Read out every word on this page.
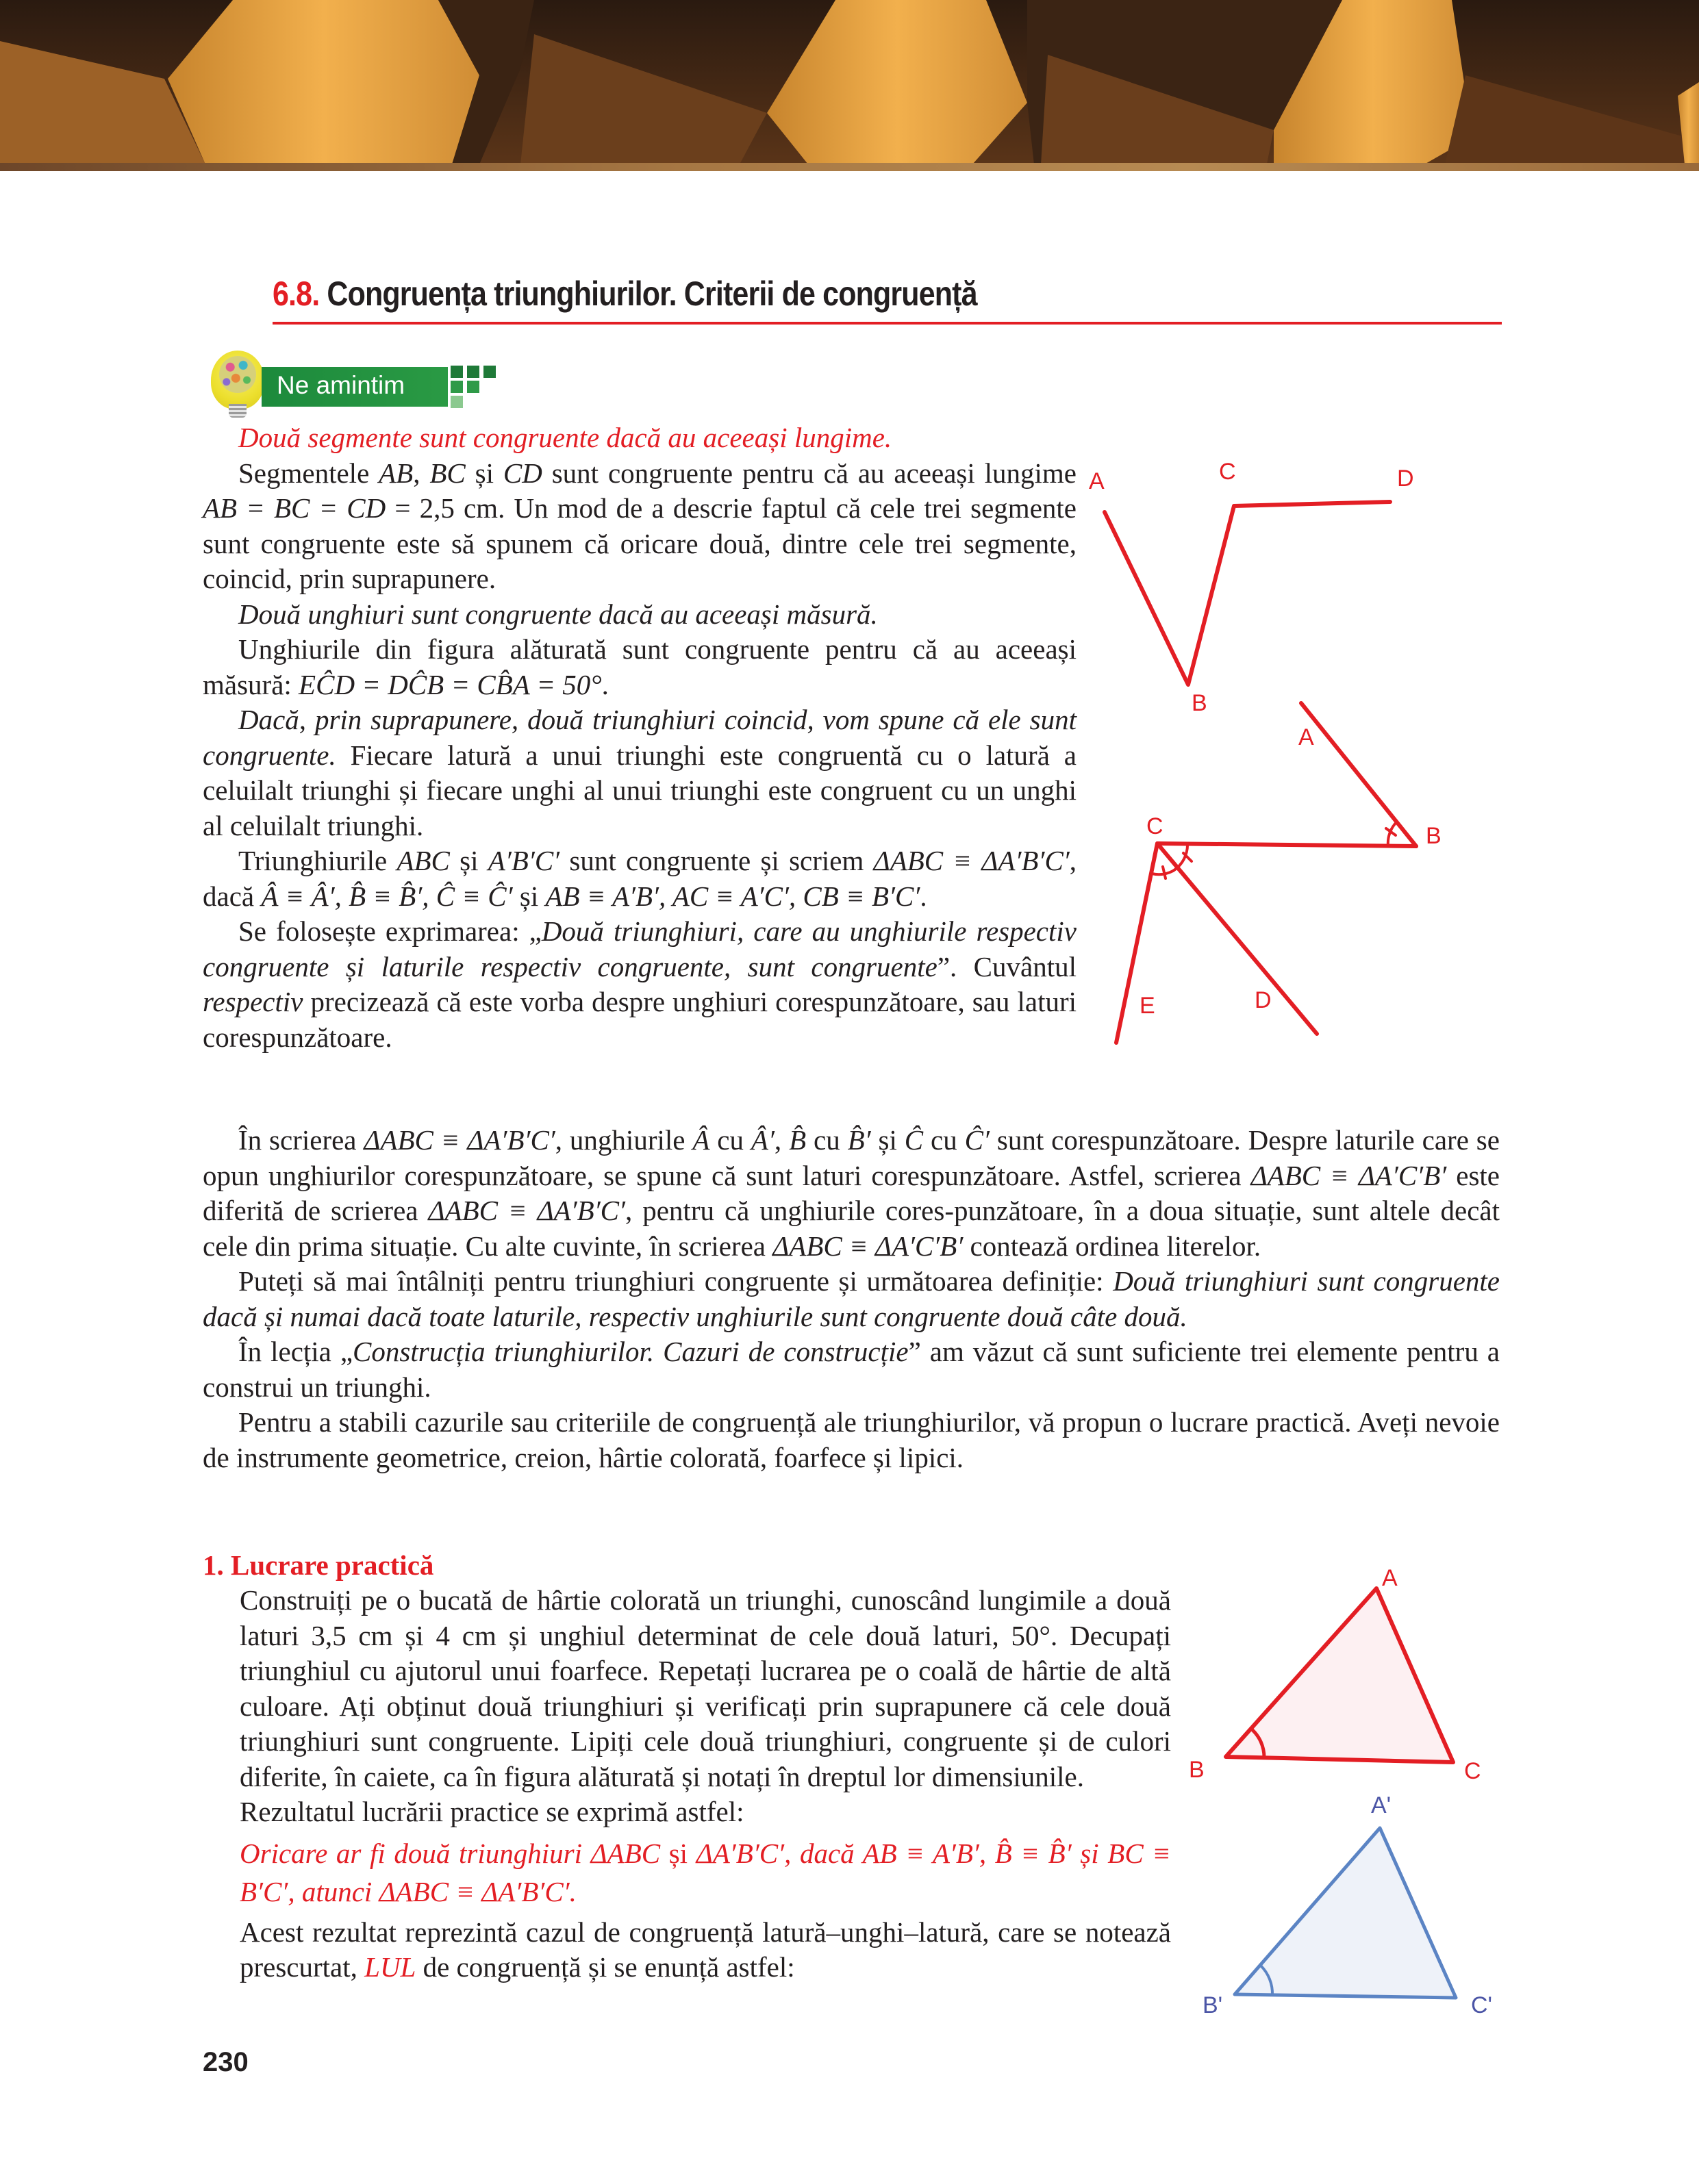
6.8. Congruența triunghiurilor. Criterii de congruență
Ne amintim

Două segmente sunt congruente dacă au aceeași lungime.

Segmentele AB, BC și CD sunt congruente pentru că au aceeași lungime AB = BC = CD = 2,5 cm. Un mod de a descrie faptul că cele trei segmente sunt congruente este să spunem că oricare două, dintre cele trei segmente, coincid, prin suprapunere.

Două unghiuri sunt congruente dacă au aceeași măsură.

Unghiurile din figura alăturată sunt congruente pentru că au aceeași măsură: EĈD = DĈB = CB̂A = 50°.

Dacă, prin suprapunere, două triunghiuri coincid, vom spune că ele sunt congruente. Fiecare latură a unui triunghi este congruentă cu o latură a celuilalt triunghi și fiecare unghi al unui triunghi este congruent cu un unghi al celuilalt triunghi.

Triunghiurile ABC și A′B′C′ sunt congruente și scriem ΔABC ≡ ΔA′B′C′, dacă Â ≡ Â′, B̂ ≡ B̂′, Ĉ ≡ Ĉ′ și AB ≡ A′B′, AC ≡ A′C′, CB ≡ B′C′.

Se folosește exprimarea: „Două triunghiuri, care au unghiurile respectiv congruente și laturile respectiv congruente, sunt congruente”. Cuvântul respectiv precizează că este vorba despre unghiuri corespunzătoare, sau laturi corespunzătoare.

A
B
C	D
A
B
C
D
E

În scrierea ΔABC ≡ ΔA′B′C′, unghiurile Â cu Â′, B̂ cu B̂′ și Ĉ cu Ĉ′ sunt corespunzătoare. Despre laturile care se opun unghiurilor corespunzătoare, se spune că sunt laturi corespunzătoare. Astfel, scrierea ΔABC ≡ ΔA′C′B′ este diferită de scrierea ΔABC ≡ ΔA′B′C′, pentru că unghiurile cores-punzătoare, în a doua situație, sunt altele decât cele din prima situație. Cu alte cuvinte, în scrierea ΔABC ≡ ΔA′C′B′ contează ordinea literelor.

Puteți să mai întâlniți pentru triunghiuri congruente și următoarea definiție: Două triunghiuri sunt congruente dacă și numai dacă toate laturile, respectiv unghiurile sunt congruente două câte două.

În lecția „Construcția triunghiurilor. Cazuri de construcție” am văzut că sunt suficiente trei elemente pentru a construi un triunghi.

Pentru a stabili cazurile sau criteriile de congruență ale triunghiurilor, vă propun o lucrare practică. Aveți nevoie de instrumente geometrice, creion, hârtie colorată, foarfece și lipici.

1. Lucrare practică

Construiți pe o bucată de hârtie colorată un triunghi, cunoscând lungimile a două laturi 3,5 cm și 4 cm și unghiul determinat de cele două laturi, 50°. Decupați triunghiul cu ajutorul unui foarfece. Repetați lucrarea pe o coală de hârtie de altă culoare. Ați obținut două triunghiuri și verificați prin suprapunere că cele două triunghiuri sunt congruente. Lipiți cele două triunghiuri, congruente și de culori diferite, în caiete, ca în figura alăturată și notați în dreptul lor dimensiunile.

Rezultatul lucrării practice se exprimă astfel:

Oricare ar fi două triunghiuri ΔABC și ΔA′B′C′, dacă AB ≡ A′B′, B̂ ≡ B̂′ și BC ≡ B′C′, atunci ΔABC ≡ ΔA′B′C′.

Acest rezultat reprezintă cazul de congruență latură–unghi–latură, care se notează prescurtat, LUL de congruență și se enunță astfel:

A
B	C
A'
B'	C'
230
